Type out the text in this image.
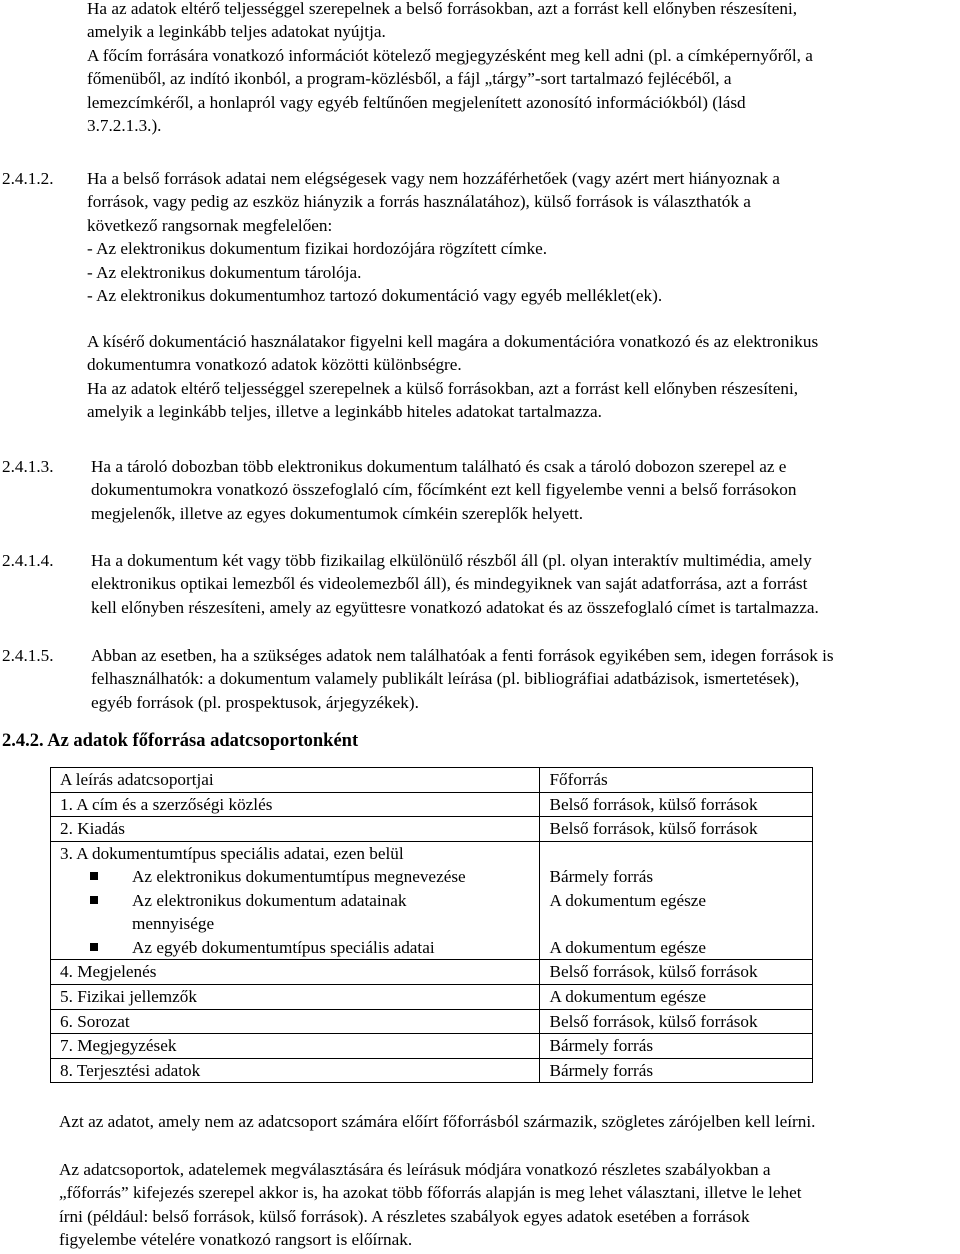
Ha az adatok eltérő teljességgel szerepelnek a belső forrásokban, azt a forrást kell előnyben részesíteni,
amelyik a leginkább teljes adatokat nyújtja.
A főcím forrására vonatkozó információt kötelező megjegyzésként meg kell adni (pl. a címképernyőről, a
főmenüből, az indító ikonból, a program-közlésből, a fájl „tárgy”-sort tartalmazó fejlécéből, a
lemezcímkéről, a honlapról vagy egyéb feltűnően megjelenített azonosító információkból) (lásd
3.7.2.1.3.).
2.4.1.2. Ha a belső források adatai nem elégségesek vagy nem hozzáférhetőek (vagy azért mert hiányoznak a
források, vagy pedig az eszköz hiányzik a forrás használatához), külső források is választhatók a
következő rangsornak megfelelően:
- Az elektronikus dokumentum fizikai hordozójára rögzített címke.
- Az elektronikus dokumentum tárolója.
- Az elektronikus dokumentumhoz tartozó dokumentáció vagy egyéb melléklet(ek).
A kísérő dokumentáció használatakor figyelni kell magára a dokumentációra vonatkozó és az elektronikus
dokumentumra vonatkozó adatok közötti különbségre.
Ha az adatok eltérő teljességgel szerepelnek a külső forrásokban, azt a forrást kell előnyben részesíteni,
amelyik a leginkább teljes, illetve a leginkább hiteles adatokat tartalmazza.
2.4.1.3. Ha a tároló dobozban több elektronikus dokumentum található és csak a tároló dobozon szerepel az e
dokumentumokra vonatkozó összefoglaló cím, főcímként ezt kell figyelembe venni a belső forrásokon
megjelenők, illetve az egyes dokumentumok címkéin szereplők helyett.
2.4.1.4. Ha a dokumentum két vagy több fizikailag elkülönülő részből áll (pl. olyan interaktív multimédia, amely
elektronikus optikai lemezből és videolemezből áll), és mindegyiknek van saját adatforrása, azt a forrást
kell előnyben részesíteni, amely az együttesre vonatkozó adatokat és az összefoglaló címet is tartalmazza.
2.4.1.5. Abban az esetben, ha a szükséges adatok nem találhatóak a fenti források egyikében sem, idegen források is
felhasználhatók: a dokumentum valamely publikált leírása (pl. bibliográfiai adatbázisok, ismertetések),
egyéb források (pl. prospektusok, árjegyzékek).
2.4.2. Az adatok főforrása adatcsoportonként
A leírás adatcsoportjai	Főforrás
1. A cím és a szerzőségi közlés	Belső források, külső források
2. Kiadás	Belső források, külső források
3. A dokumentumtípus speciális adatai, ezen belül	

Az elektronikus dokumentumtípus megnevezése	Bármely forrás

Az elektronikus dokumentum adatainak
mennyisége	A dokumentum egésze

Az egyéb dokumentumtípus speciális adatai	A dokumentum egésze
4. Megjelenés	Belső források, külső források
5. Fizikai jellemzők	A dokumentum egésze
6. Sorozat	Belső források, külső források
7. Megjegyzések	Bármely forrás
8. Terjesztési adatok	Bármely forrás
Azt az adatot, amely nem az adatcsoport számára előírt főforrásból származik, szögletes zárójelben kell leírni.
Az adatcsoportok, adatelemek megválasztására és leírásuk módjára vonatkozó részletes szabályokban a
„főforrás” kifejezés szerepel akkor is, ha azokat több főforrás alapján is meg lehet választani, illetve le lehet
írni (például: belső források, külső források). A részletes szabályok egyes adatok esetében a források
figyelembe vételére vonatkozó rangsort is előírnak.
